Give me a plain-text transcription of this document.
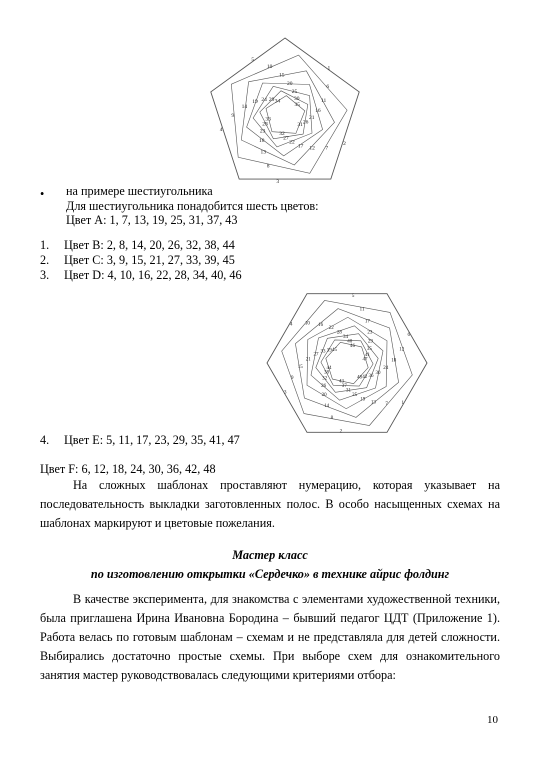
1
2
3
4
5
6
7
8
9
10
11
12
13
14
15
16
17
18
19
20
21
22
23
24
25
26
27
28
29	30
31
32
33
34
35
• на примере шестиугольника
Для шестиугольника понадобится шесть цветов:
Цвет А: 1, 7, 13, 19, 25, 31, 37, 43
1. Цвет В: 2, 8, 14, 20, 26, 32, 38, 44
2. Цвет С: 3, 9, 15, 21, 27, 33, 39, 45
3. Цвет D: 4, 10, 16, 22, 28, 34, 40, 46
1
2
3
4
5
6
7
8
9
10
11
12
13
14
15
16
17
18
19
20
21
22
23
24
25
26
27
28
29
30
31
32
33
34
35
36
37
38
39
40
41
42
43
44
45
46
47
48
4. Цвет Е: 5, 11, 17, 23, 29, 35, 41, 47
Цвет F: 6, 12, 18, 24, 30, 36, 42, 48
На сложных шаблонах проставляют нумерацию, которая указывает на последовательность выкладки заготовленных полос. В особо насыщенных схемах на шаблонах маркируют и цветовые пожелания.
Мастер класс
по изготовлению открытки «Сердечко» в технике айрис фолдинг
В качестве эксперимента, для знакомства с элементами художественной техники, была приглашена Ирина Ивановна Бородина – бывший педагог ЦДТ (Приложение 1). Работа велась по готовым шаблонам – схемам и не представляла для детей сложности. Выбирались достаточно простые схемы. При выборе схем для ознакомительного занятия мастер руководствовалась следующими критериями отбора:
10
